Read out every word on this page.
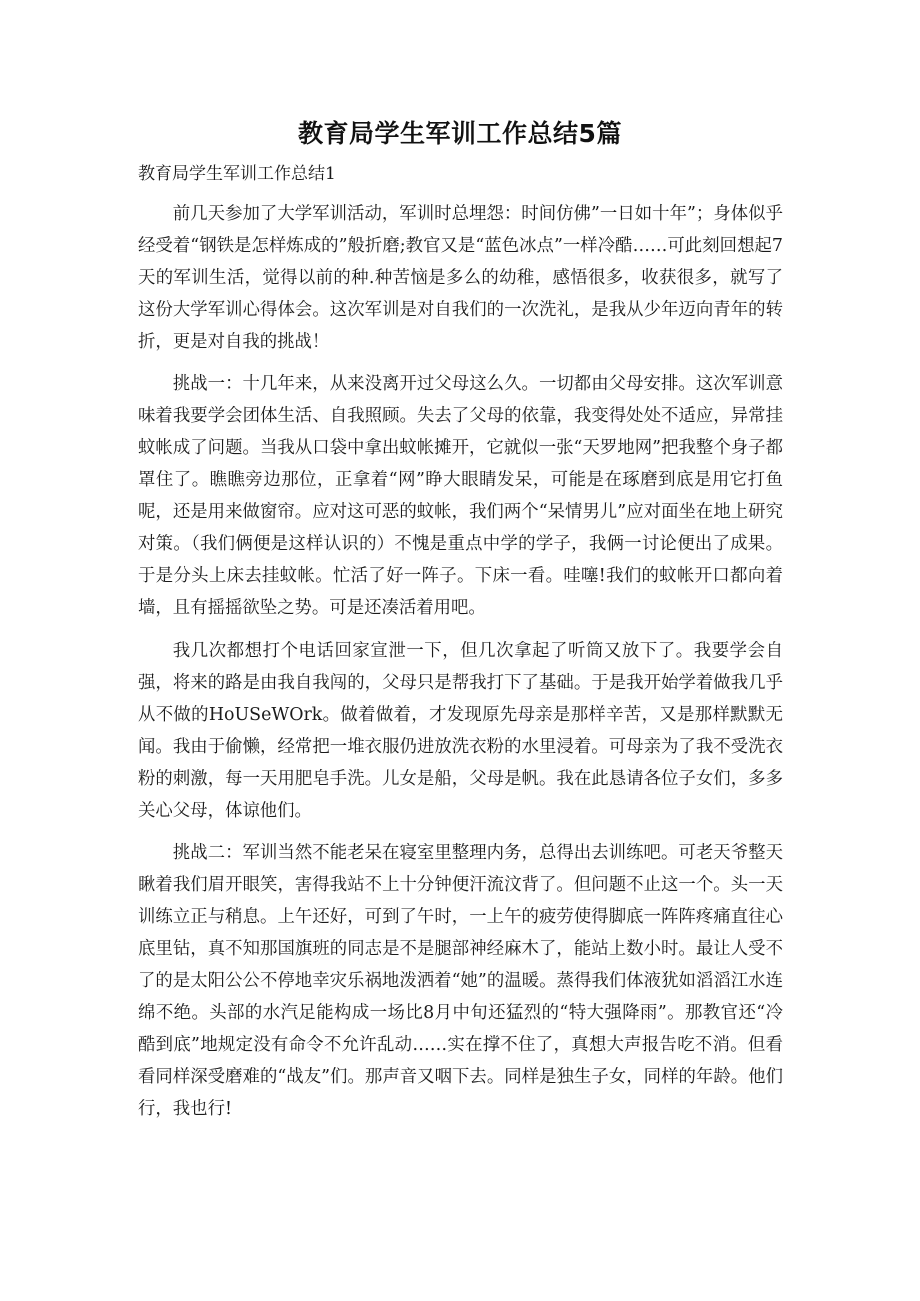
教育局学生军训工作总结5篇

教育局学生军训工作总结1

前几天参加了大学军训活动，军训时总埋怨：时间仿佛”一日如十年”；身体似乎经受着“钢铁是怎样炼成的”般折磨;教官又是“蓝色冰点”一样冷酷……可此刻回想起7天的军训生活，觉得以前的种.种苦恼是多么的幼稚，感悟很多，收获很多，就写了这份大学军训心得体会。这次军训是对自我们的一次洗礼，是我从少年迈向青年的转折，更是对自我的挑战！

挑战一：十几年来，从来没离开过父母这么久。一切都由父母安排。这次军训意味着我要学会团体生活、自我照顾。失去了父母的依靠，我变得处处不适应，异常挂蚊帐成了问题。当我从口袋中拿出蚊帐摊开，它就似一张“天罗地网”把我整个身子都罩住了。瞧瞧旁边那位，正拿着“网”睁大眼睛发呆，可能是在琢磨到底是用它打鱼呢，还是用来做窗帘。应对这可恶的蚊帐，我们两个“呆情男儿”应对面坐在地上研究对策。（我们俩便是这样认识的）不愧是重点中学的学子，我俩一讨论便出了成果。于是分头上床去挂蚊帐。忙活了好一阵子。下床一看。哇噻!我们的蚊帐开口都向着墙，且有摇摇欲坠之势。可是还凑活着用吧。

我几次都想打个电话回家宣泄一下，但几次拿起了听筒又放下了。我要学会自强，将来的路是由我自我闯的，父母只是帮我打下了基础。于是我开始学着做我几乎从不做的HoUSeWOrk。做着做着，才发现原先母亲是那样辛苦，又是那样默默无闻。我由于偷懒，经常把一堆衣服仍进放洗衣粉的水里浸着。可母亲为了我不受洗衣粉的刺激，每一天用肥皂手洗。儿女是船，父母是帆。我在此恳请各位子女们，多多关心父母，体谅他们。

挑战二：军训当然不能老呆在寝室里整理内务，总得出去训练吧。可老天爷整天瞅着我们眉开眼笑，害得我站不上十分钟便汗流汶背了。但问题不止这一个。头一天训练立正与稍息。上午还好，可到了午时，一上午的疲劳使得脚底一阵阵疼痛直往心底里钻，真不知那国旗班的同志是不是腿部神经麻木了，能站上数小时。最让人受不了的是太阳公公不停地幸灾乐祸地泼洒着“她”的温暖。蒸得我们体液犹如滔滔江水连绵不绝。头部的水汽足能构成一场比8月中旬还猛烈的“特大强降雨”。那教官还“冷酷到底”地规定没有命令不允许乱动……实在撑不住了，真想大声报告吃不消。但看看同样深受磨难的“战友”们。那声音又咽下去。同样是独生子女，同样的年龄。他们行，我也行!
